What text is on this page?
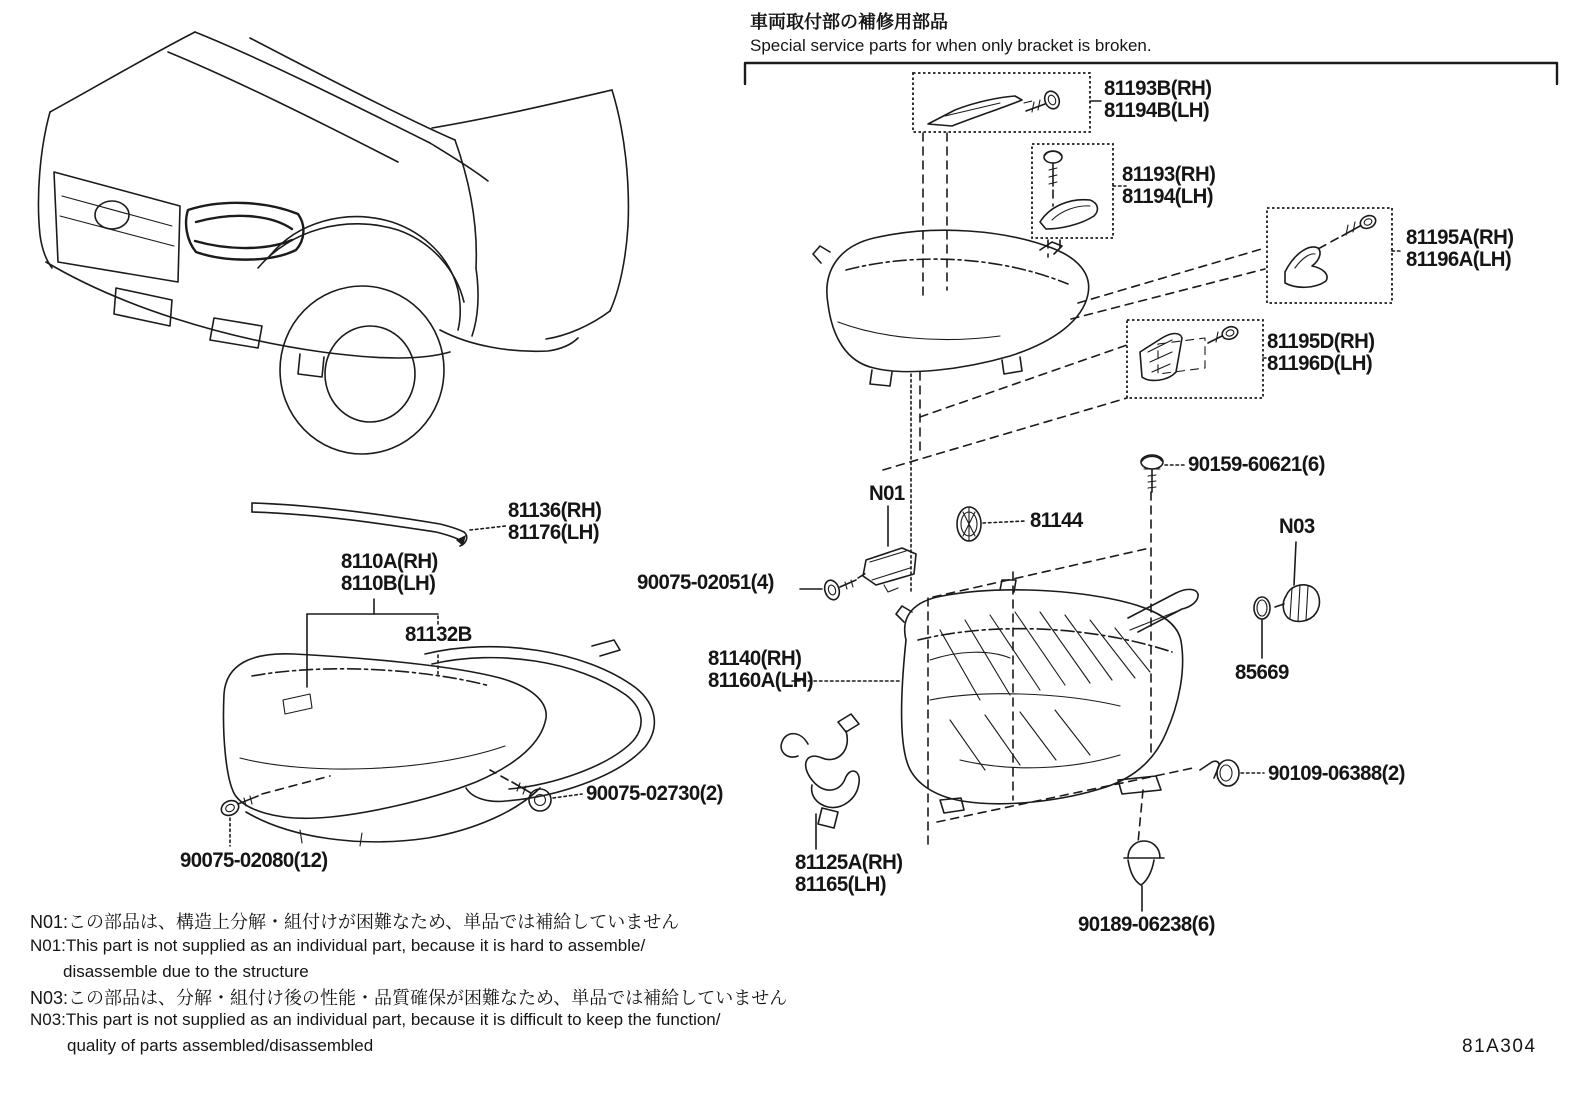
車両取付部の補修用部品
Special service parts for when only bracket is broken.
81193B(RH)
81194B(LH)
81193(RH)
81194(LH)
81195A(RH)
81196A(LH)
81195D(RH)
81196D(LH)
90159-60621(6)
N01
81144	N03
90075-02051(4)
81140(RH)
81160A(LH)	85669
81136(RH)
81176(LH)
8110A(RH)
8110B(LH)
81132B
90075-02730(2)
90075-02080(12)	81125A(RH)
81165(LH)
90109-06388(2)
90189-06238(6)
N01:この部品は、構造上分解・組付けが困難なため、単品では補給していません
N01:This part is not supplied as an individual part, because it is hard to assemble/
disassemble due to the structure
N03:この部品は、分解・組付け後の性能・品質確保が困難なため、単品では補給していません
N03:This part is not supplied as an individual part, because it is difficult to keep the function/
quality of parts assembled/disassembled	81A304
